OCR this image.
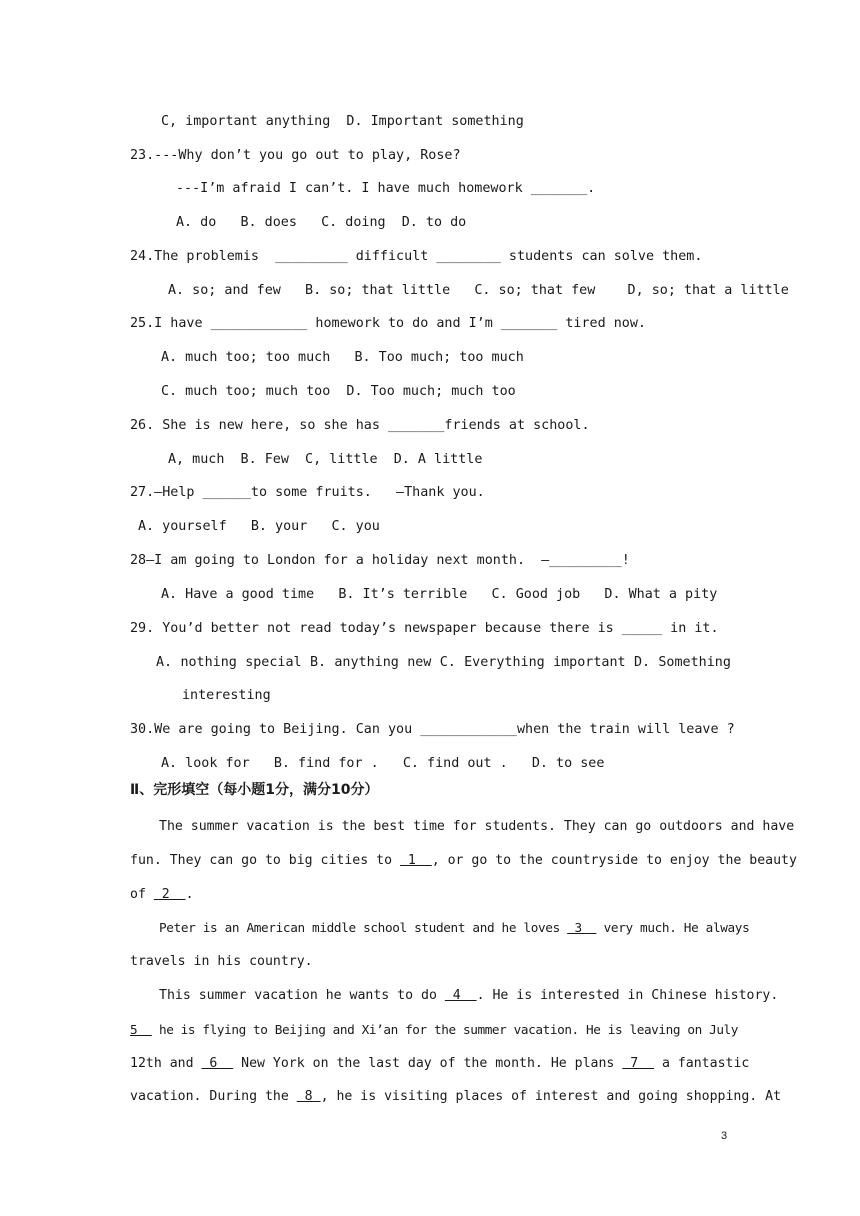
C, important anything  D. Important something
23.---Why don’t you go out to play, Rose?
---I’m afraid I can’t. I have much homework _______.
A. do   B. does   C. doing  D. to do
24.The problemis  _________ difficult ________ students can solve them.
A. so; and few   B. so; that little   C. so; that few    D, so; that a little
25.I have ____________ homework to do and I’m _______ tired now.
A. much too; too much   B. Too much; too much
C. much too; much too  D. Too much; much too
26. She is new here, so she has _______friends at school.
A, much  B. Few  C, little  D. A little
27.—Help ______to some fruits.   —Thank you.
A. yourself   B. your   C. you
28—I am going to London for a holiday next month.  —_________!
A. Have a good time   B. It’s terrible   C. Good job   D. What a pity
29. You’d better not read today’s newspaper because there is _____ in it.
A. nothing special B. anything new C. Everything important D. Something
interesting
30.We are going to Beijing. Can you ____________when the train will leave ?
A. look for   B. find for .   C. find out .   D. to see
Ⅱ、完形填空（每小题1分，满分10分）
The summer vacation is the best time for students. They can go outdoors and have
fun. They can go to big cities to  1  , or go to the countryside to enjoy the beauty
of  2  .
Peter is an American middle school student and he loves  3   very much. He always
travels in his country.
This summer vacation he wants to do  4  . He is interested in Chinese history.
5   he is flying to Beijing and Xi’an for the summer vacation. He is leaving on July
12th and  6   New York on the last day of the month. He plans  7   a fantastic
vacation. During the  8 , he is visiting places of interest and going shopping. At
3
